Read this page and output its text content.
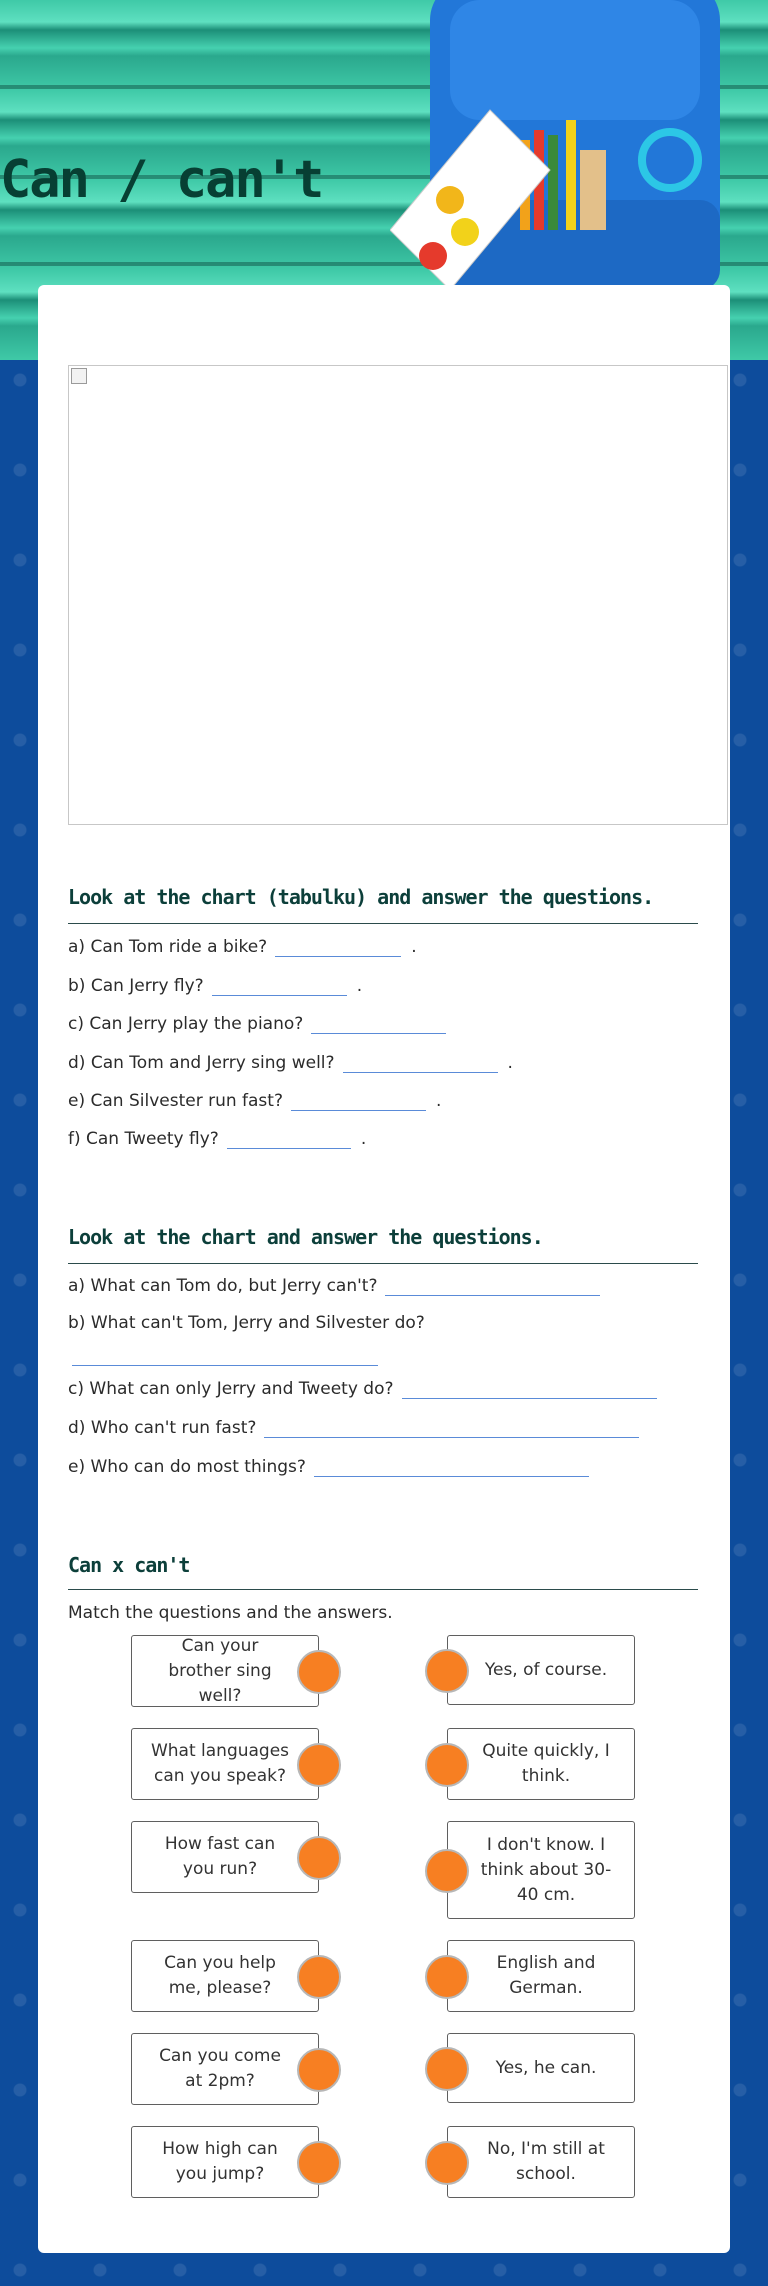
Can / can't
Look at the chart (tabulku) and answer the questions.
a) Can Tom ride a bike?	.
b) Can Jerry fly?	.
c) Can Jerry play the piano?
d) Can Tom and Jerry sing well?	.
e) Can Silvester run fast?	.
f) Can Tweety fly?	.
Look at the chart and answer the questions.
a) What can Tom do, but Jerry can't?
b) What can't Tom, Jerry and Silvester do?
c) What can only Jerry and Tweety do?
d) Who can't run fast?
e) Who can do most things?
Can x can't
Match the questions and the answers.
Can your brother sing well?
Yes, of course.
What languages can you speak?
Quite quickly, I think.
How fast can you run?
I don't know. I think about 30-40 cm.
Can you help me, please?
English and German.
Can you come at 2pm?
Yes, he can.
How high can you jump?
No, I'm still at school.
